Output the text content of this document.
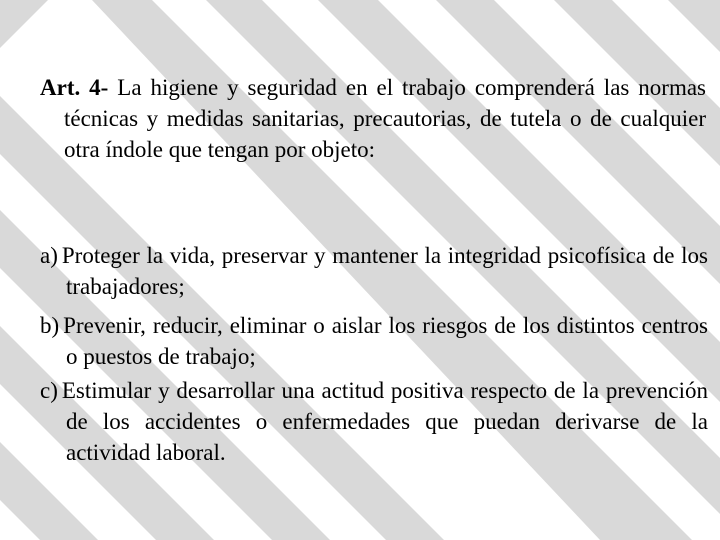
Art. 4- La higiene y seguridad en el trabajo comprenderá las normas técnicas y medidas sanitarias, precautorias, de tutela o de cualquier otra índole que tengan por objeto:

a) Proteger la vida, preservar y mantener la integridad psicofísica de los trabajadores;

b) Prevenir, reducir, eliminar o aislar los riesgos de los distintos centros o puestos de trabajo;

c) Estimular y desarrollar una actitud positiva respecto de la prevención de los accidentes o enfermedades que puedan derivarse de la actividad laboral.
